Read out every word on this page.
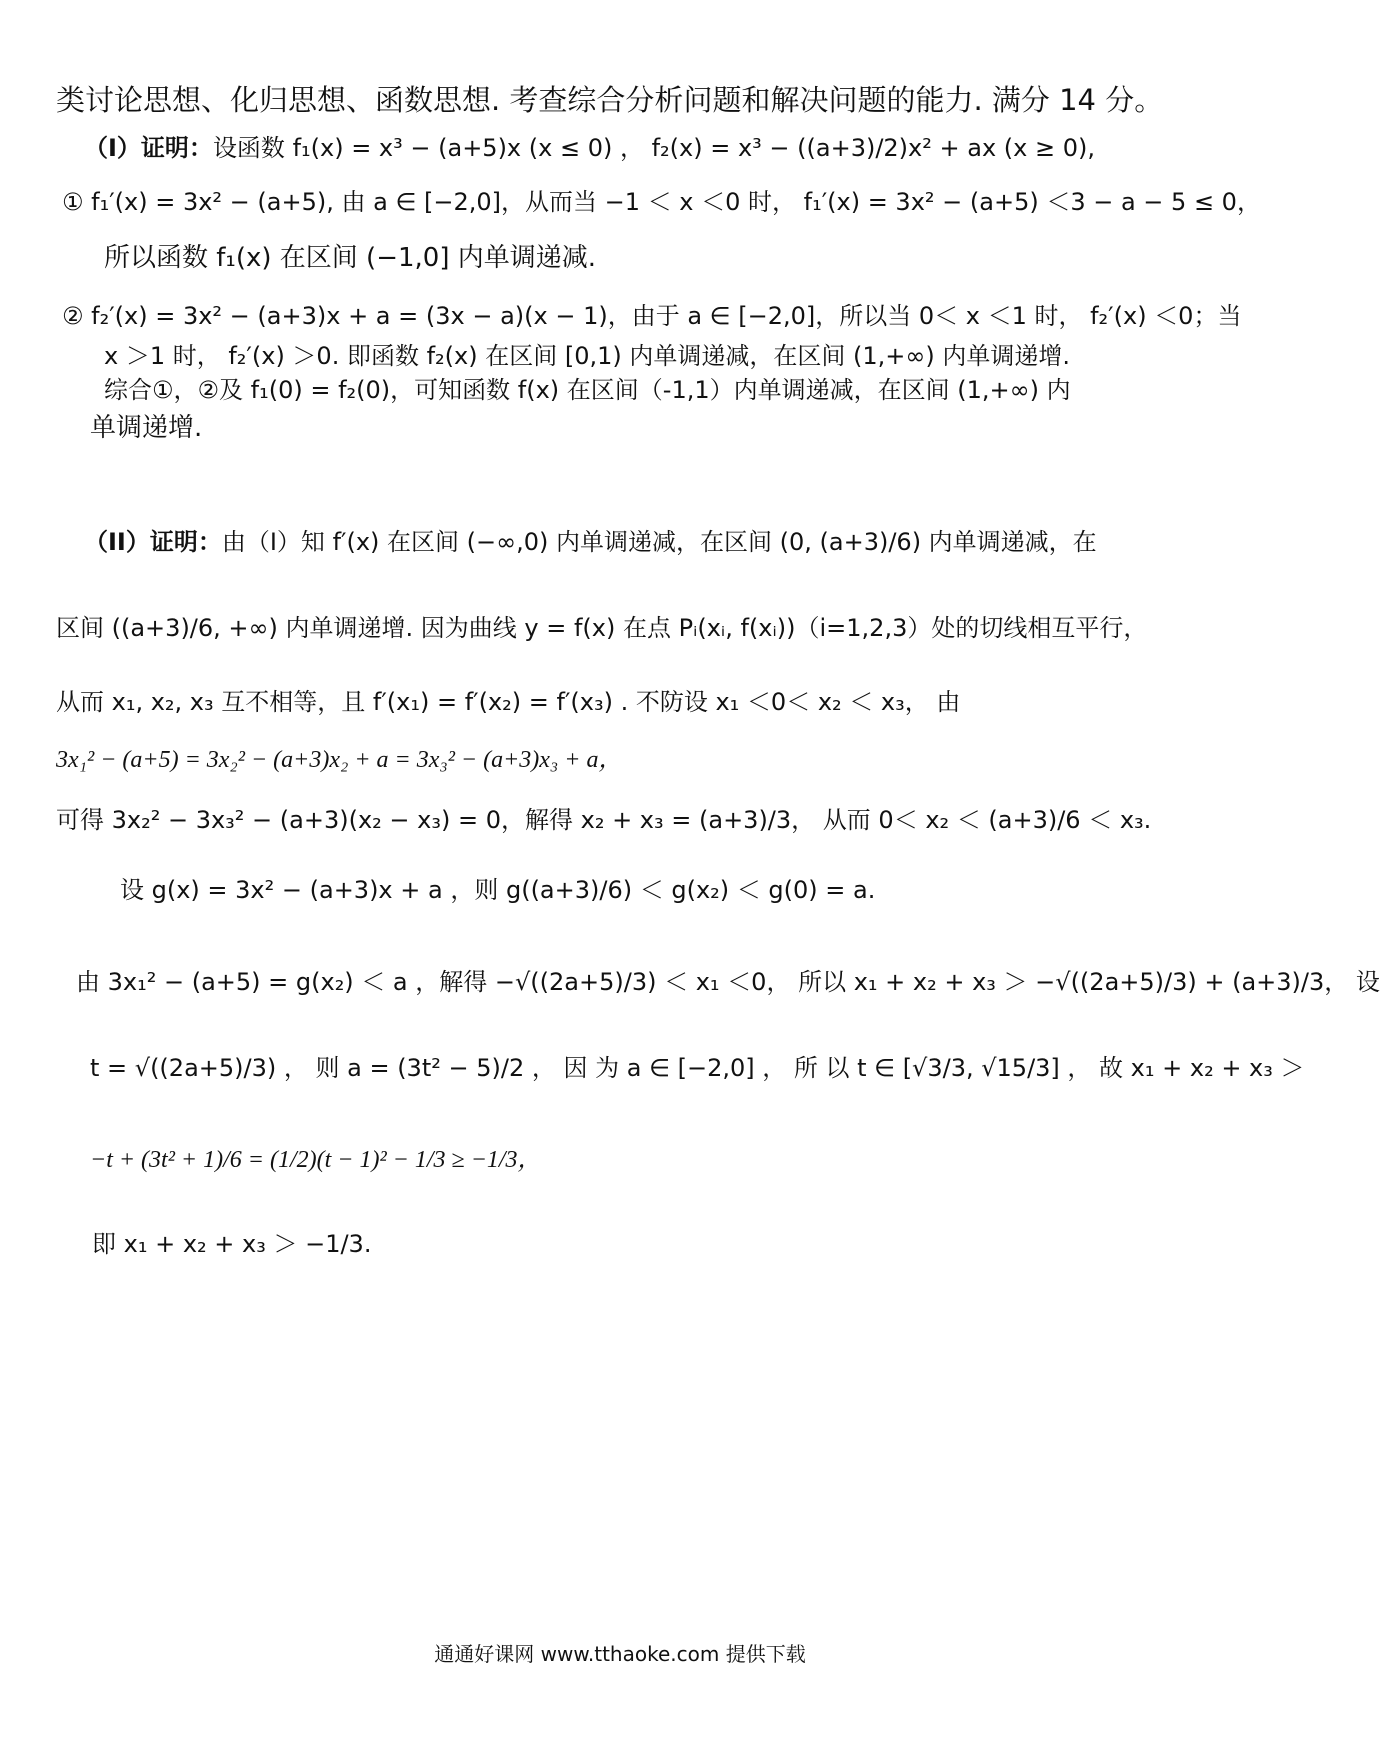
类讨论思想、化归思想、函数思想. 考查综合分析问题和解决问题的能力. 满分 14 分。
（I）证明：设函数 f₁(x) = x³ − (a+5)x (x ≤ 0) ， f₂(x) = x³ − ((a+3)/2)x² + ax (x ≥ 0),
① f₁′(x) = 3x² − (a+5), 由 a ∈ [−2,0]，从而当 −1 ＜ x ＜0 时， f₁′(x) = 3x² − (a+5) ＜3 − a − 5 ≤ 0，
所以函数 f₁(x) 在区间 (−1,0] 内单调递减.
② f₂′(x) = 3x² − (a+3)x + a = (3x − a)(x − 1)，由于 a ∈ [−2,0]，所以当 0＜ x ＜1 时， f₂′(x) ＜0；当
x ＞1 时， f₂′(x) ＞0. 即函数 f₂(x) 在区间 [0,1) 内单调递减，在区间 (1,+∞) 内单调递增.
综合①，②及 f₁(0) = f₂(0)，可知函数 f(x) 在区间（-1,1）内单调递减，在区间 (1,+∞) 内
单调递增.
（II）证明：由（I）知 f′(x) 在区间 (−∞,0) 内单调递减，在区间 (0, (a+3)/6) 内单调递减，在
区间 ((a+3)/6, +∞) 内单调递增. 因为曲线 y = f(x) 在点 Pᵢ(xᵢ, f(xᵢ))（i=1,2,3）处的切线相互平行，
从而 x₁, x₂, x₃ 互不相等，且 f′(x₁) = f′(x₂) = f′(x₃) . 不防设 x₁ ＜0＜ x₂ ＜ x₃， 由
3x₁² − (a+5) = 3x₂² − (a+3)x₂ + a = 3x₃² − (a+3)x₃ + a，
可得 3x₂² − 3x₃² − (a+3)(x₂ − x₃) = 0，解得 x₂ + x₃ = (a+3)/3， 从而 0＜ x₂ ＜ (a+3)/6 ＜ x₃.
设 g(x) = 3x² − (a+3)x + a ，则 g((a+3)/6) ＜ g(x₂) ＜ g(0) = a.
由 3x₁² − (a+5) = g(x₂) ＜ a ，解得 −√((2a+5)/3) ＜ x₁ ＜0， 所以 x₁ + x₂ + x₃ ＞ −√((2a+5)/3) + (a+3)/3， 设
t = √((2a+5)/3) ， 则 a = (3t² − 5)/2 ， 因 为 a ∈ [−2,0] ， 所 以 t ∈ [√3/3, √15/3] ， 故 x₁ + x₂ + x₃ ＞
−t + (3t² + 1)/6 = (1/2)(t − 1)² − 1/3 ≥ −1/3，
即 x₁ + x₂ + x₃ ＞ −1/3.
通通好课网 www.tthaoke.com 提供下载
